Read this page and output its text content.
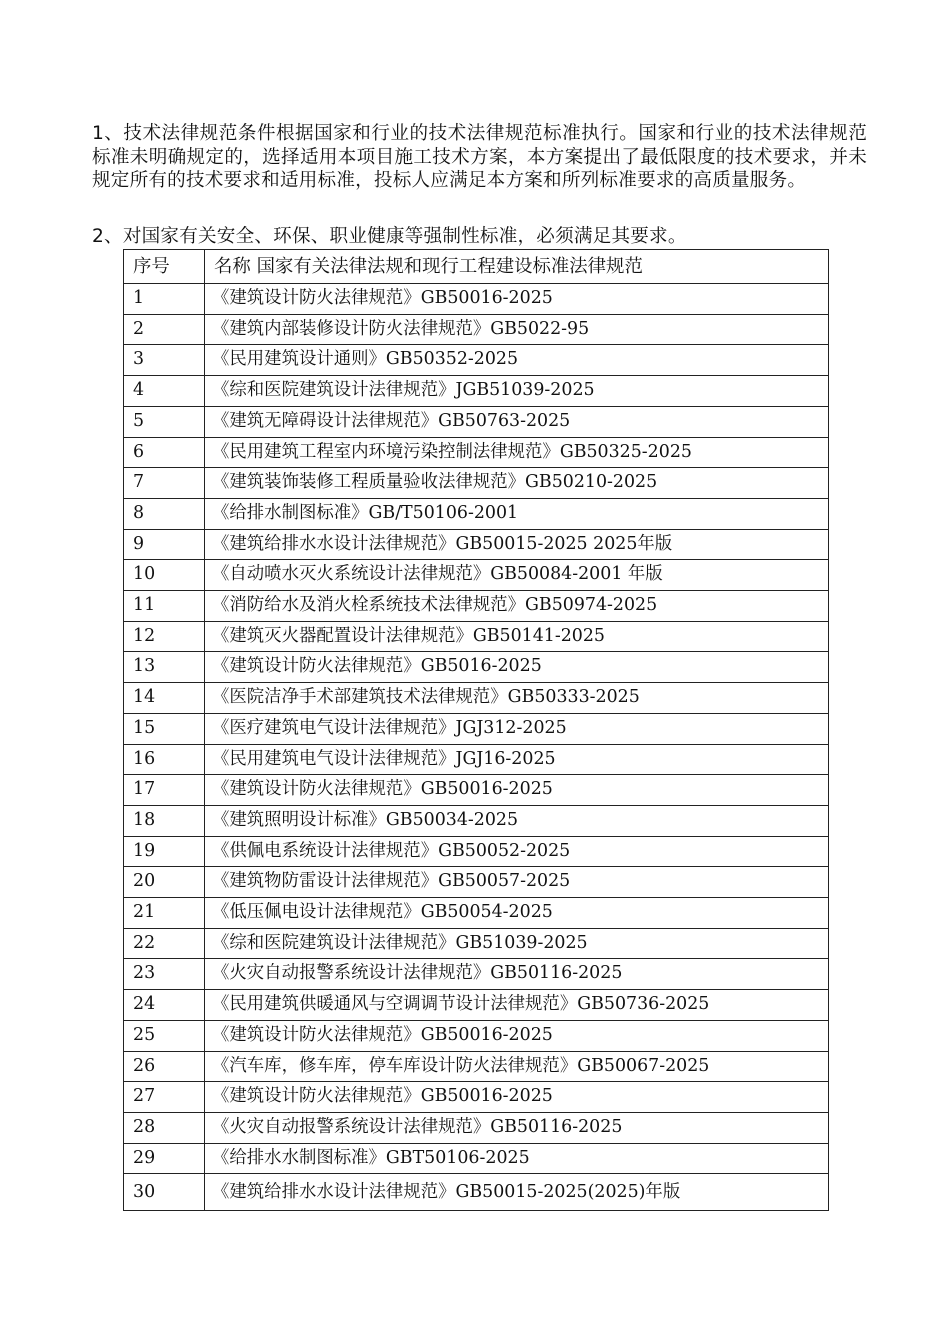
1、技术法律规范条件根据国家和行业的技术法律规范标准执行。国家和行业的技术法律规范标准未明确规定的，选择适用本项目施工技术方案，本方案提出了最低限度的技术要求，并未规定所有的技术要求和适用标准，投标人应满足本方案和所列标准要求的高质量服务。

2、对国家有关安全、环保、职业健康等强制性标准，必须满足其要求。

序号	名称 国家有关法律法规和现行工程建设标准法律规范
1	《建筑设计防火法律规范》GB50016-2025
2	《建筑内部装修设计防火法律规范》GB5022-95
3	《民用建筑设计通则》GB50352-2025
4	《综和医院建筑设计法律规范》JGB51039-2025
5	《建筑无障碍设计法律规范》GB50763-2025
6	《民用建筑工程室内环境污染控制法律规范》GB50325-2025
7	《建筑装饰装修工程质量验收法律规范》GB50210-2025
8	《给排水制图标准》GB/T50106-2001
9	《建筑给排水水设计法律规范》GB50015-2025 2025年版
10	《自动喷水灭火系统设计法律规范》GB50084-2001 年版
11	《消防给水及消火栓系统技术法律规范》GB50974-2025
12	《建筑灭火器配置设计法律规范》GB50141-2025
13	《建筑设计防火法律规范》GB5016-2025
14	《医院洁净手术部建筑技术法律规范》GB50333-2025
15	《医疗建筑电气设计法律规范》JGJ312-2025
16	《民用建筑电气设计法律规范》JGJ16-2025
17	《建筑设计防火法律规范》GB50016-2025
18	《建筑照明设计标准》GB50034-2025
19	《供佩电系统设计法律规范》GB50052-2025
20	《建筑物防雷设计法律规范》GB50057-2025
21	《低压佩电设计法律规范》GB50054-2025
22	《综和医院建筑设计法律规范》GB51039-2025
23	《火灾自动报警系统设计法律规范》GB50116-2025
24	《民用建筑供暖通风与空调调节设计法律规范》GB50736-2025
25	《建筑设计防火法律规范》GB50016-2025
26	《汽车库，修车库，停车库设计防火法律规范》GB50067-2025
27	《建筑设计防火法律规范》GB50016-2025
28	《火灾自动报警系统设计法律规范》GB50116-2025
29	《给排水水制图标准》GBT50106-2025
30	《建筑给排水水设计法律规范》GB50015-2025(2025)年版
